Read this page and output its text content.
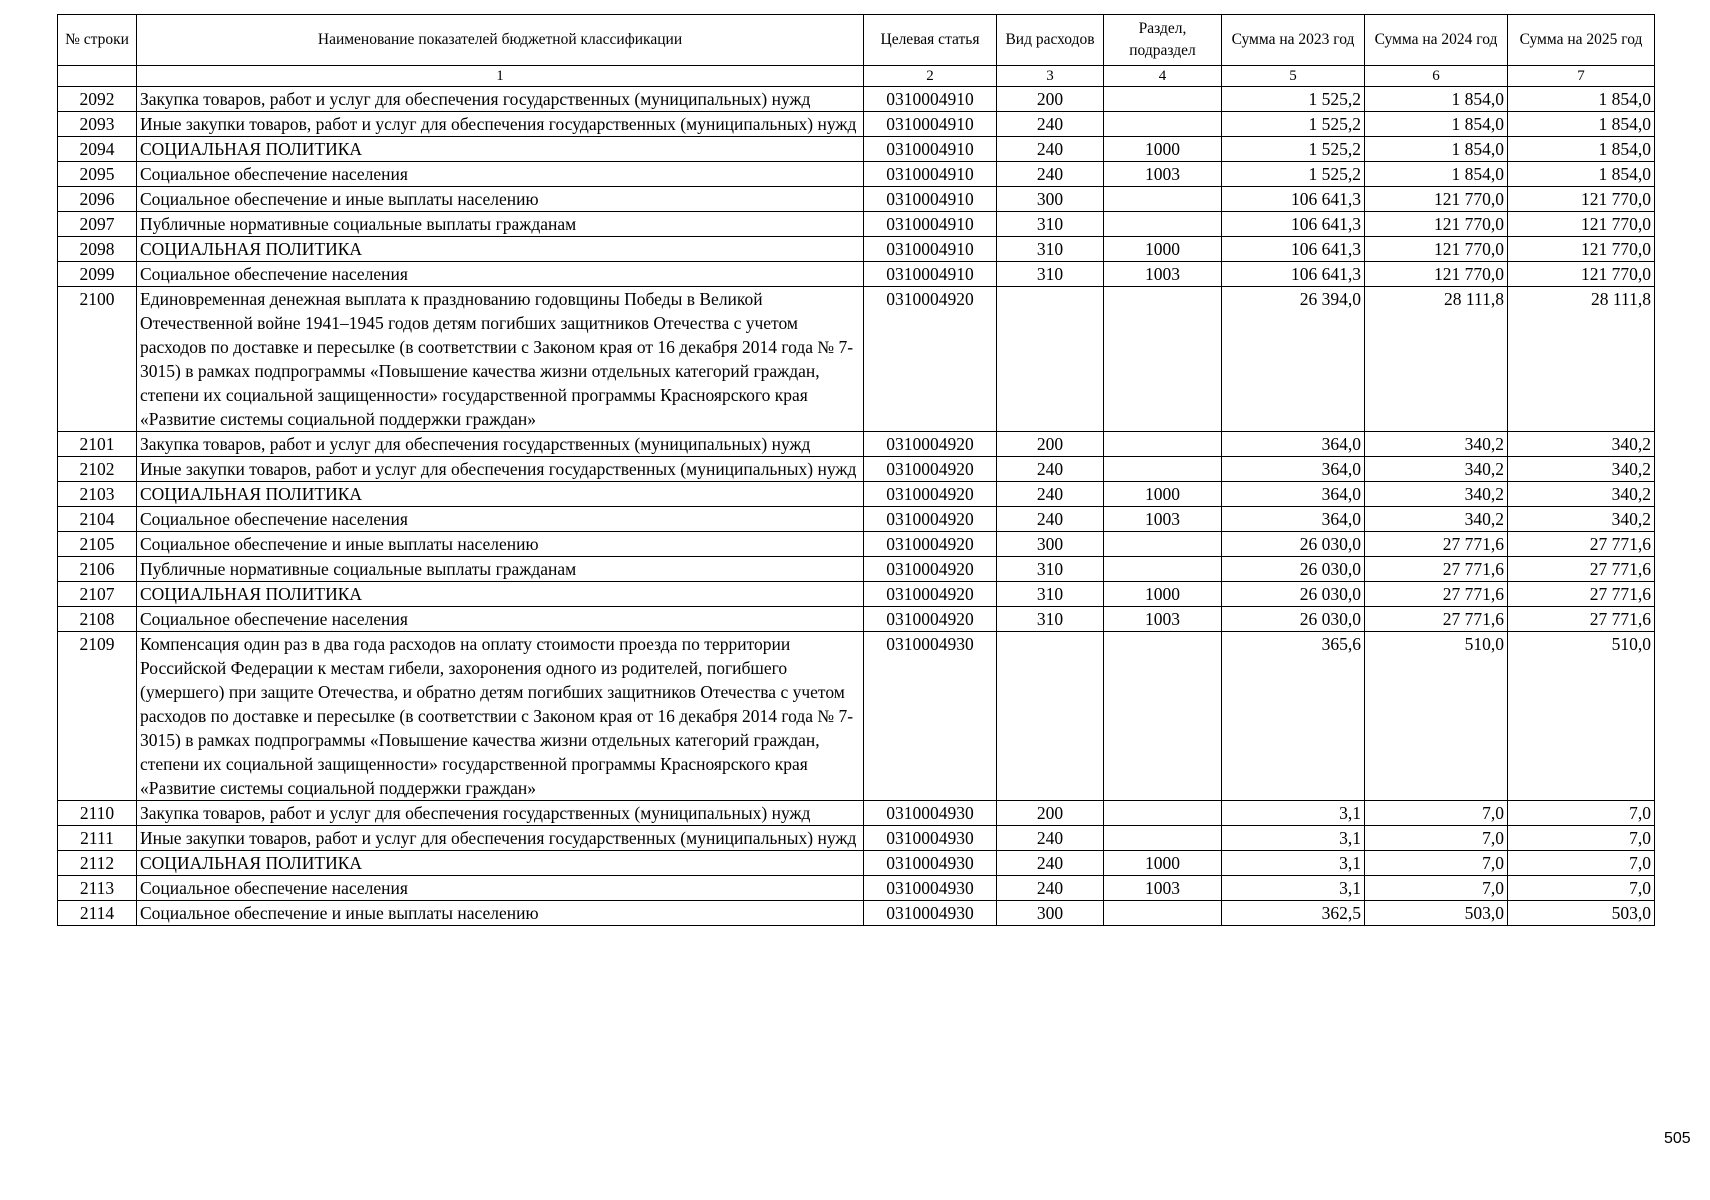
№ строки	Наименование показателей бюджетной классификации	Целевая статья	Вид расходов	Раздел, подраздел	Сумма на 2023 год	Сумма на 2024 год	Сумма на 2025 год
	1	2	3	4	5	6	7
2092	Закупка товаров, работ и услуг для обеспечения государственных (муниципальных) нужд	0310004910	200		1 525,2	1 854,0	1 854,0
2093	Иные закупки товаров, работ и услуг для обеспечения государственных (муниципальных) нужд	0310004910	240		1 525,2	1 854,0	1 854,0
2094	СОЦИАЛЬНАЯ ПОЛИТИКА	0310004910	240	1000	1 525,2	1 854,0	1 854,0
2095	Социальное обеспечение населения	0310004910	240	1003	1 525,2	1 854,0	1 854,0
2096	Социальное обеспечение и иные выплаты населению	0310004910	300		106 641,3	121 770,0	121 770,0
2097	Публичные нормативные социальные выплаты гражданам	0310004910	310		106 641,3	121 770,0	121 770,0
2098	СОЦИАЛЬНАЯ ПОЛИТИКА	0310004910	310	1000	106 641,3	121 770,0	121 770,0
2099	Социальное обеспечение населения	0310004910	310	1003	106 641,3	121 770,0	121 770,0
2100	Единовременная денежная выплата к празднованию годовщины Победы в Великой Отечественной войне 1941–1945 годов детям погибших защитников Отечества с учетом расходов по доставке и пересылке (в соответствии с Законом края от 16 декабря 2014 года № 7-3015) в рамках подпрограммы «Повышение качества жизни отдельных категорий граждан, степени их социальной защищенности» государственной программы Красноярского края «Развитие системы социальной поддержки граждан»	0310004920			26 394,0	28 111,8	28 111,8
2101	Закупка товаров, работ и услуг для обеспечения государственных (муниципальных) нужд	0310004920	200		364,0	340,2	340,2
2102	Иные закупки товаров, работ и услуг для обеспечения государственных (муниципальных) нужд	0310004920	240		364,0	340,2	340,2
2103	СОЦИАЛЬНАЯ ПОЛИТИКА	0310004920	240	1000	364,0	340,2	340,2
2104	Социальное обеспечение населения	0310004920	240	1003	364,0	340,2	340,2
2105	Социальное обеспечение и иные выплаты населению	0310004920	300		26 030,0	27 771,6	27 771,6
2106	Публичные нормативные социальные выплаты гражданам	0310004920	310		26 030,0	27 771,6	27 771,6
2107	СОЦИАЛЬНАЯ ПОЛИТИКА	0310004920	310	1000	26 030,0	27 771,6	27 771,6
2108	Социальное обеспечение населения	0310004920	310	1003	26 030,0	27 771,6	27 771,6
2109	Компенсация один раз в два года расходов на оплату стоимости проезда по территории Российской Федерации к местам гибели, захоронения одного из родителей, погибшего (умершего) при защите Отечества, и обратно детям погибших защитников Отечества с учетом расходов по доставке и пересылке (в соответствии с Законом края от 16 декабря 2014 года № 7-3015) в рамках подпрограммы «Повышение качества жизни отдельных категорий граждан, степени их социальной защищенности» государственной программы Красноярского края «Развитие системы социальной поддержки граждан»	0310004930			365,6	510,0	510,0
2110	Закупка товаров, работ и услуг для обеспечения государственных (муниципальных) нужд	0310004930	200		3,1	7,0	7,0
2111	Иные закупки товаров, работ и услуг для обеспечения государственных (муниципальных) нужд	0310004930	240		3,1	7,0	7,0
2112	СОЦИАЛЬНАЯ ПОЛИТИКА	0310004930	240	1000	3,1	7,0	7,0
2113	Социальное обеспечение населения	0310004930	240	1003	3,1	7,0	7,0
2114	Социальное обеспечение и иные выплаты населению	0310004930	300		362,5	503,0	503,0
505
